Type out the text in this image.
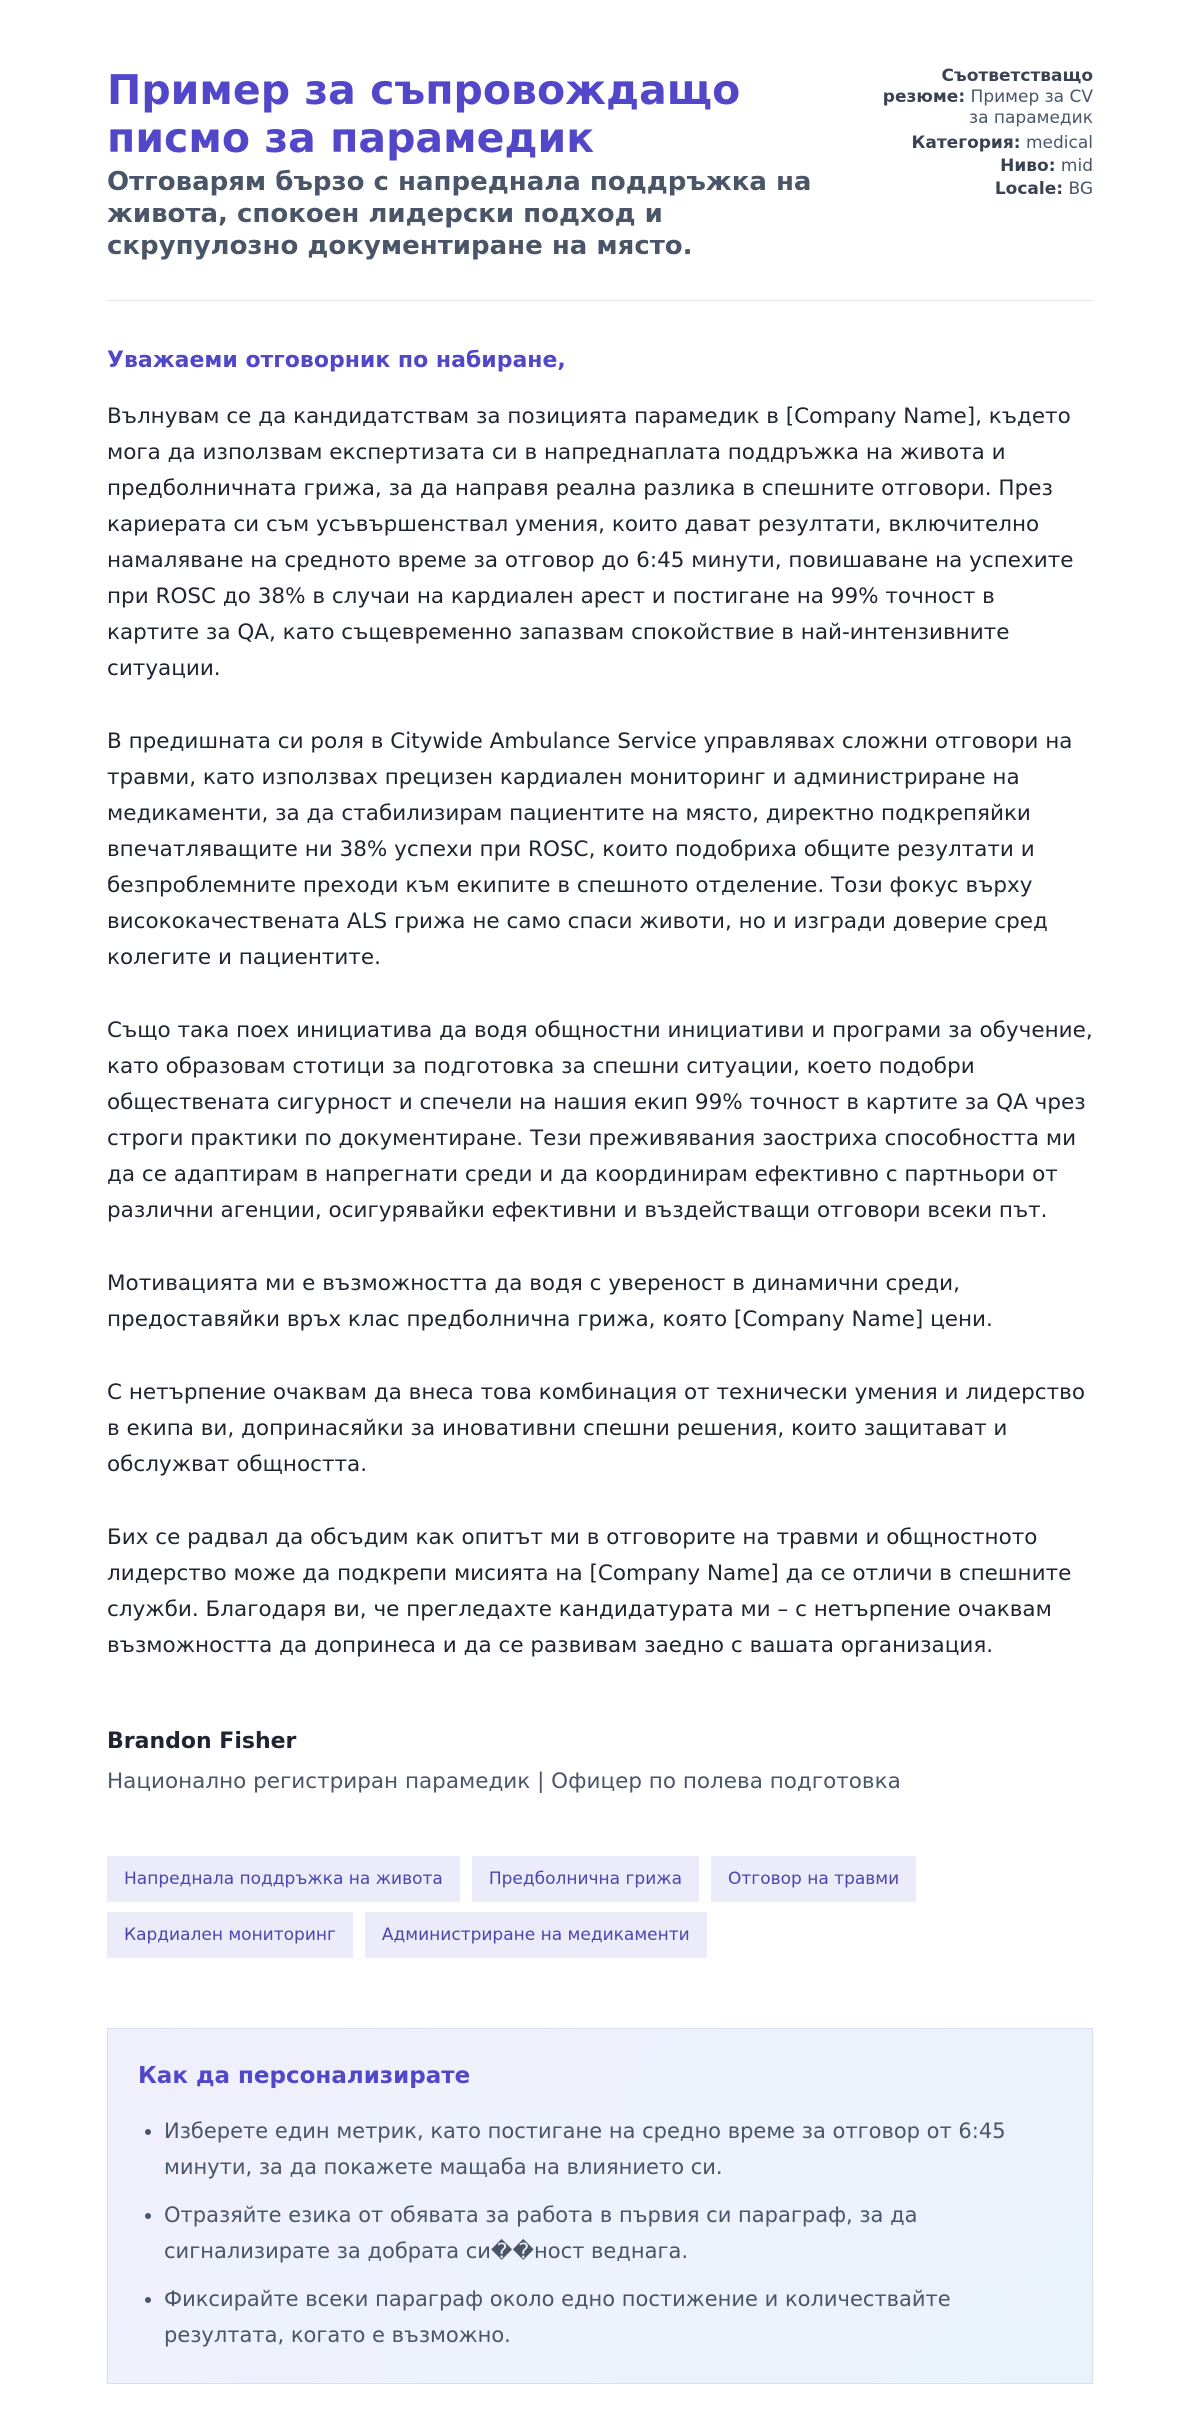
Пример за съпровождащо писмо за парамедик
Отговарям бързо с напреднала поддръжка на живота, спокоен лидерски подход и скрупулозно документиране на място.
Съответстващо резюме: Пример за CV за парамедик
Категория: medical
Ниво: mid
Locale: BG
Уважаеми отговорник по набиране,

Вълнувам се да кандидатствам за позицията парамедик в [Company Name], където мога да използвам експертизата си в напреднаплата поддръжка на живота и предболничната грижа, за да направя реална разлика в спешните отговори. През кариерата си съм усъвършенствал умения, които дават резултати, включително намаляване на средното време за отговор до 6:45 минути, повишаване на успехите при ROSC до 38% в случаи на кардиален арест и постигане на 99% точност в картите за QA, като същевременно запазвам спокойствие в най-интензивните ситуации.

В предишната си роля в Citywide Ambulance Service управлявах сложни отговори на травми, като използвах прецизен кардиален мониторинг и администриране на медикаменти, за да стабилизирам пациентите на място, директно подкрепяйки впечатляващите ни 38% успехи при ROSC, които подобриха общите резултати и безпроблемните преходи към екипите в спешното отделение. Този фокус върху висококачествената ALS грижа не само спаси животи, но и изгради доверие сред колегите и пациентите.

Също така поех инициатива да водя общностни инициативи и програми за обучение, като образовам стотици за подготовка за спешни ситуации, което подобри обществената сигурност и спечели на нашия екип 99% точност в картите за QA чрез строги практики по документиране. Тези преживявания заостриха способността ми да се адаптирам в напрегнати среди и да координирам ефективно с партньори от различни агенции, осигурявайки ефективни и въздействащи отговори всеки път.

Мотивацията ми е възможността да водя с увереност в динамични среди, предоставяйки връх клас предболнична грижа, която [Company Name] цени.

С нетърпение очаквам да внеса това комбинация от технически умения и лидерство в екипа ви, допринасяйки за иновативни спешни решения, които защитават и обслужват общността.

Бих се радвал да обсъдим как опитът ми в отговорите на травми и общностното лидерство може да подкрепи мисията на [Company Name] да се отличи в спешните служби. Благодаря ви, че прегледахте кандидатурата ми – с нетърпение очаквам възможността да допринеса и да се развивам заедно с вашата организация.

Brandon Fisher
Национално регистриран парамедик | Офицер по полева подготовка
Напреднала поддръжка на живота	Предболнична грижа	Отговор на травми
Кардиален мониторинг	Администриране на медикаменти
Как да персонализирате
• Изберете един метрик, като постигане на средно време за отговор от 6:45 минути, за да покажете мащаба на влиянието си.
• Отразяйте езика от обявата за работа в първия си параграф, за да сигнализирате за добрата си��ност веднага.
• Фиксирайте всеки параграф около едно постижение и количествайте резултата, когато е възможно.
